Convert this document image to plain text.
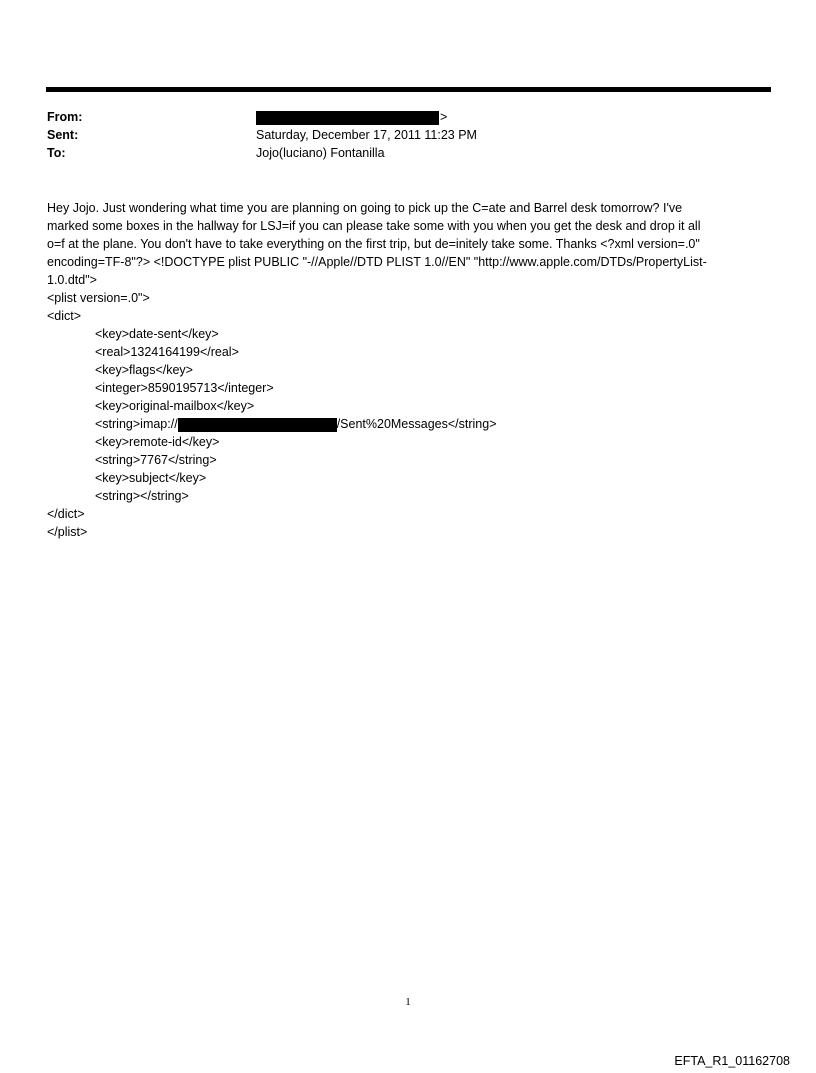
From:	>
Sent:	Saturday, December 17, 2011 11:23 PM
To:	Jojo(luciano) Fontanilla
Hey Jojo. Just wondering what time you are planning on going to pick up the C=ate and Barrel desk tomorrow? I've
marked some boxes in the hallway for LSJ=if you can please take some with you when you get the desk and drop it all
o=f at the plane. You don't have to take everything on the first trip, but de=initely take some. Thanks <?xml version=.0"
encoding=TF-8"?> <!DOCTYPE plist PUBLIC "-//Apple//DTD PLIST 1.0//EN" "http://www.apple.com/DTDs/PropertyList-
1.0.dtd">
<plist version=.0">
<dict>
<key>date-sent</key>
<real>1324164199</real>
<key>flags</key>
<integer>8590195713</integer>
<key>original-mailbox</key>
<string>imap://	/Sent%20Messages</string>
<key>remote-id</key>
<string>7767</string>
<key>subject</key>
<string></string>
</dict>
</plist>
1
EFTA_R1_01162708
